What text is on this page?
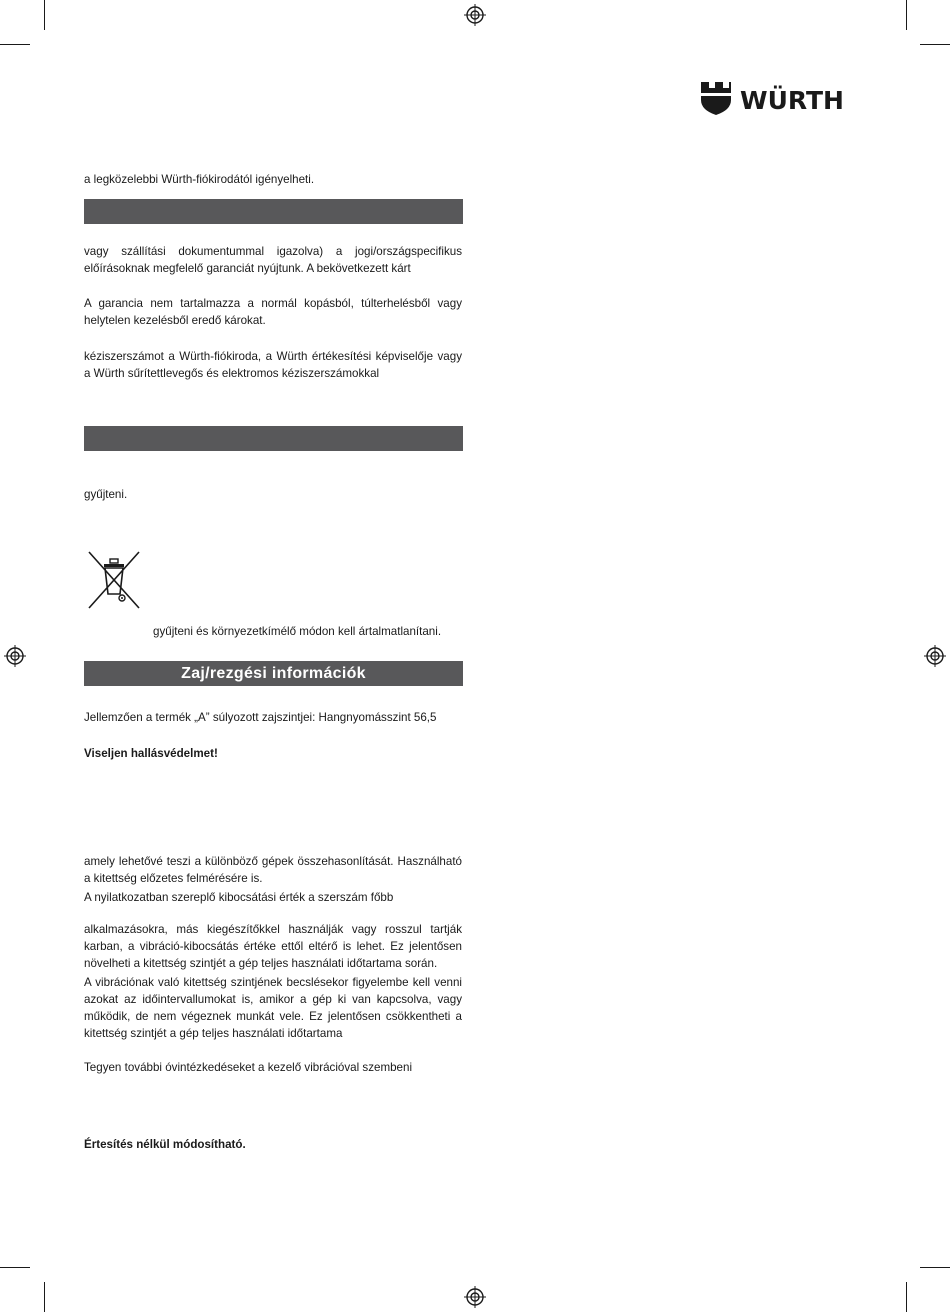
WÜRTH

a legközelebbi Würth-fiókirodától igényelheti.

vagy szállítási dokumentummal igazolva) a jogi/országspecifikus előírásoknak megfelelő garanciát nyújtunk. A bekövetkezett kárt

A garancia nem tartalmazza a normál kopásból, túlterhelésből vagy helytelen kezelésből eredő károkat.

kéziszerszámot a Würth-fiókiroda, a Würth értékesítési képviselője vagy a Würth sűrítettlevegős és elektromos kéziszerszámokkal

gyűjteni.

gyűjteni és környezetkímélő módon kell ártalmatlanítani.

Zaj/rezgési információk

Jellemzően a termék „A” súlyozott zajszintjei: Hangnyomásszint 56,5

Viseljen hallásvédelmet!

amely lehetővé teszi a különböző gépek összehasonlítását. Használható a kitettség előzetes felmérésére is.

A nyilatkozatban szereplő kibocsátási érték a szerszám főbb

alkalmazásokra, más kiegészítőkkel használják vagy rosszul tartják karban, a vibráció-kibocsátás értéke ettől eltérő is lehet. Ez jelentősen növelheti a kitettség szintjét a gép teljes használati időtartama során.

A vibrációnak való kitettség szintjének becslésekor figyelembe kell venni azokat az időintervallumokat is, amikor a gép ki van kapcsolva, vagy működik, de nem végeznek munkát vele. Ez jelentősen csökkentheti a kitettség szintjét a gép teljes használati időtartama

Tegyen további óvintézkedéseket a kezelő vibrációval szembeni

Értesítés nélkül módosítható.
